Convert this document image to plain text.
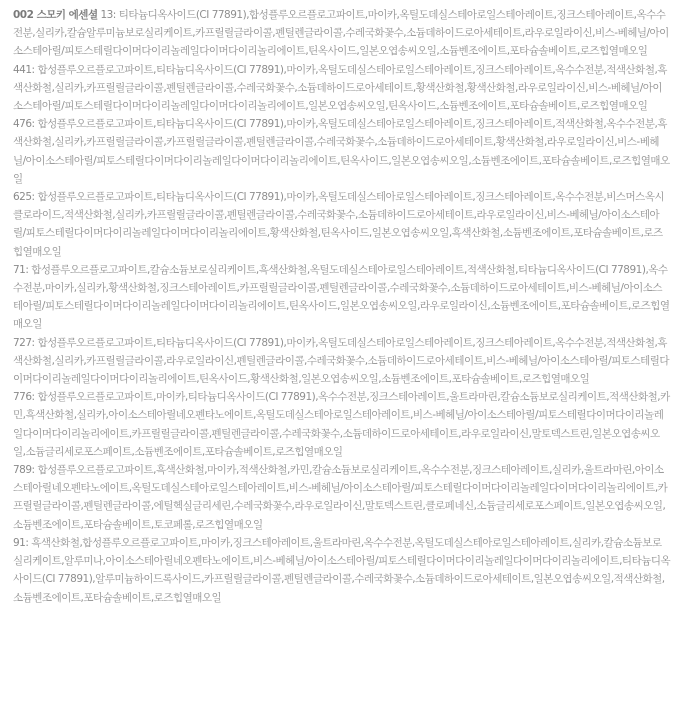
002 스모키 에센셜 13: 티타늄디옥사이드(CI 77891),합성플루오르플로고파이트,마이카,옥틸도데실스테아로일스테아레이트,징크스테아레이트,옥수수전분,실리카,칼슘알루미늄보로실리케이트,카프릴릴글라이콜,펜틸렌글라이콜,수레국화꽃수,소듐데하이드로아세테이트,라우로일라이신,비스-베헤닐/아이소스테아릴/피토스테릴다이머다이리놀레일다이머다이리놀리에이트,틴옥사이드,일본오엽송씨오일,소듐벤조에이트,포타슘솔베이트,로즈힙열매오일

441: 합성플루오르플로고파이트,티타늄디옥사이드(CI 77891),마이카,옥틸도데실스테아로일스테아레이트,징크스테아레이트,옥수수전분,적색산화철,흑색산화철,실리카,카프릴릴글라이콜,펜틸렌글라이콜,수레국화꽃수,소듐데하이드로아세테이트,황색산화철,황색산화철,라우로일라이신,비스-베헤닐/아이소스테아릴/피토스테릴다이머다이리놀레일다이머다이리놀리에이트,일본오엽송씨오일,틴옥사이드,소듐벤조에이트,포타슘솔베이트,로즈힙열매오일

476: 합성플루오르플로고파이트,티타늄디옥사이드(CI 77891),마이카,옥틸도데실스테아로일스테아레이트,징크스테아레이트,적색산화철,옥수수전분,흑색산화철,실리카,카프릴릴글라이콜,카프릴릴글라이콜,펜틸렌글라이콜,수레국화꽃수,소듐데하이드로아세테이트,황색산화철,라우로일라이신,비스-베헤닐/아이소스테아릴/피토스테릴다이머다이리놀레일다이머다이리놀리에이트,틴옥사이드,일본오엽송씨오일,소듐벤조에이트,포타슘솔베이트,로즈힙열매오일

625: 합성플루오르플로고파이트,티타늄디옥사이드(CI 77891),마이카,옥틸도데실스테아로일스테아레이트,징크스테아레이트,옥수수전분,비스머스옥시클로라이드,적색산화철,실리카,카프릴릴글라이콜,펜틸렌글라이콜,수레국화꽃수,소듐데하이드로아세테이트,라우로일라이신,비스-베헤닐/아이소스테아릴/피토스테릴다이머다이리놀레일다이머다이리놀리에이트,황색산화철,틴옥사이드,일본오엽송씨오일,흑색산화철,소듐벤조에이트,포타슘솔베이트,로즈힙열매오일

71: 합성플루오르플로고파이트,칼슘소듐보로실리케이트,흑색산화철,옥틸도데실스테아로일스테아레이트,적색산화철,티타늄디옥사이드(CI 77891),옥수수전분,마이카,실리카,황색산화철,징크스테아레이트,카프릴릴글라이콜,펜틸렌글라이콜,수레국화꽃수,소듐데하이드로아세테이트,비스-베헤닐/아이소스테아릴/피토스테릴다이머다이리놀레일다이머다이리놀리에이트,틴옥사이드,일본오엽송씨오일,라우로일라이신,소듐벤조에이트,포타슘솔베이트,로즈힙열매오일

727: 합성플루오르플로고파이트,티타늄디옥사이드(CI 77891),마이카,옥틸도데실스테아로일스테아레이트,징크스테아레이트,옥수수전분,적색산화철,흑색산화철,실리카,카프릴릴글라이콜,라우로일라이신,펜틸렌글라이콜,수레국화꽃수,소듐데하이드로아세테이트,비스-베헤닐/아이소스테아릴/피토스테릴다이머다이리놀레일다이머다이리놀리에이트,틴옥사이드,황색산화철,일본오엽송씨오일,소듐벤조에이트,포타슘솔베이트,로즈힙열매오일

776: 합성플루오르플로고파이트,마이카,티타늄디옥사이드(CI 77891),옥수수전분,징크스테아레이트,울트라마린,칼슘소듐보로실리케이트,적색산화철,카민,흑색산화철,실리카,아이소스테아릴네오펜타노에이트,옥틸도데실스테아로일스테아레이트,비스-베헤닐/아이소스테아릴/피토스테릴다이머다이리놀레일다이머다이리놀리에이트,카프릴릴글라이콜,펜틸렌글라이콜,수레국화꽃수,소듐데하이드로아세테이트,라우로일라이신,말토덱스트린,일본오엽송씨오일,소듐글리세로포스페이트,소듐벤조에이트,포타슘솔베이트,로즈힙열매오일

789: 합성플루오르플로고파이트,흑색산화철,마이카,적색산화철,카민,칼슘소듐보로실리케이트,옥수수전분,징크스테아레이트,실리카,울트라마린,아이소스테아릴네오펜타노에이트,옥틸도데실스테아로일스테아레이트,비스-베헤닐/아이소스테아릴/피토스테릴다이머다이리놀레일다이머다이리놀리에이트,카프릴릴글라이콜,펜틸렌글라이콜,에틸헥실글리세린,수레국화꽃수,라우로일라이신,말토덱스트린,클로페네신,소듐글리세로포스페이트,일본오엽송씨오일,소듐벤조에이트,포타슘솔베이트,토코페롤,로즈힙열매오일

91: 흑색산화철,합성플루오르플로고파이트,마이카,징크스테아레이트,울트라마린,옥수수전분,옥틸도데실스테아로일스테아레이트,실리카,칼슘소듐보로실리케이트,알루미나,아이소스테아릴네오펜타노에이트,비스-베헤닐/아이소스테아릴/피토스테릴다이머다이리놀레일다이머다이리놀리에이트,티타늄디옥사이드(CI 77891),알루미늄하이드록사이드,카프릴릴글라이콜,펜틸렌글라이콜,수레국화꽃수,소듐데하이드로아세테이트,일본오엽송씨오일,적색산화철,소듐벤조에이트,포타슘솔베이트,로즈힙열매오일
